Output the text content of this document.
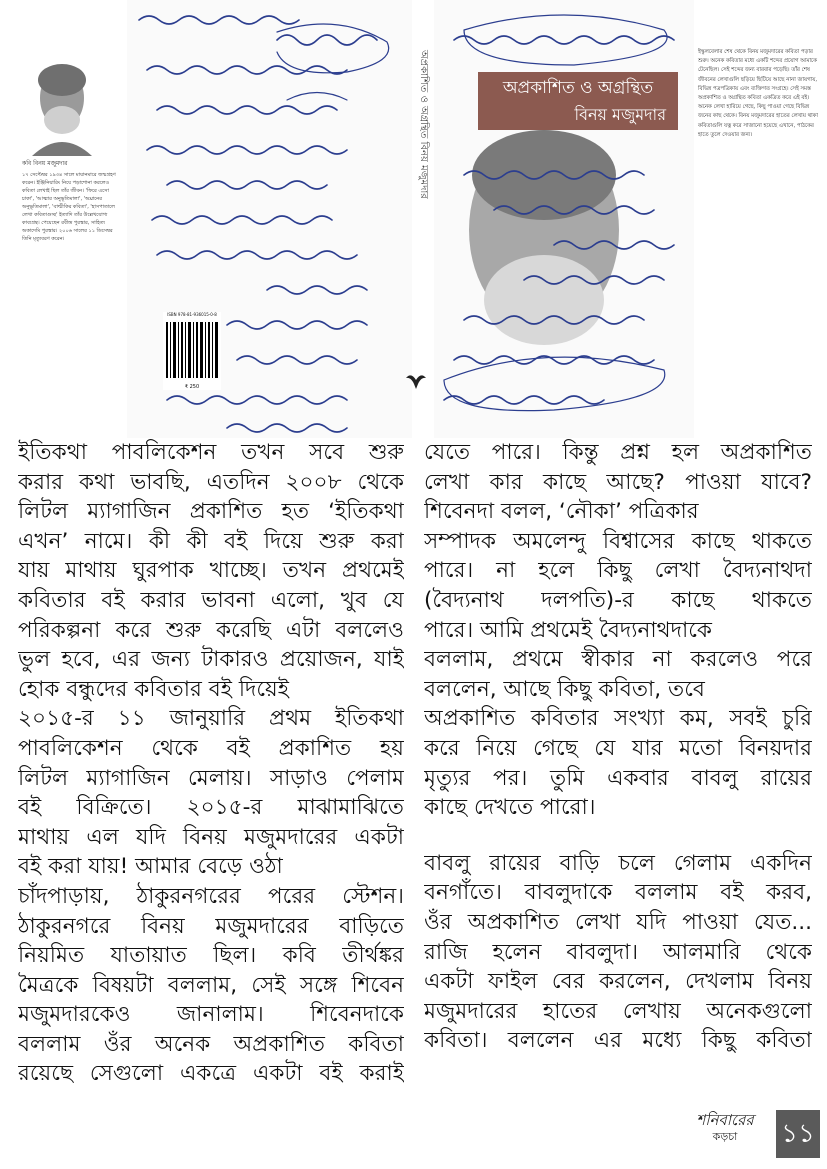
কবি বিনয় মজুমদার
১৭ সেপ্টেম্বর ১৯৩৪ সালে মায়ানমারে জন্মগ্রহণ করেন। ইঞ্জিনিয়ারিং নিয়ে পড়াশোনা করলেও কবিতা লেখাই ছিল তাঁর জীবন। 'ফিরে এসো চাকা', 'আত্মার অনুভূতিমালা', 'অঘ্রানের অনুভূতিমালা', 'বাল্মীকির কবিতা', 'হাসপাতালে লেখা কবিতাগুচ্ছ' ইত্যাদি তাঁর উল্লেখযোগ্য কাব্যগ্রন্থ। পেয়েছেন রবীন্দ্র পুরস্কার, সাহিত্য অকাদেমি পুরস্কার। ২০০৬ সালের ১১ ডিসেম্বর তিনি মৃত্যুবরণ করেন।
ISBN 978-81-936015-0-8
₹ 250
অপ্রকাশিত ও অগ্রন্থিত বিনয় মজুমদার	অপ্রকাশিত ও অগ্রন্থিত
বিনয় মজুমদার
ইস্কুলবেলার শেষ থেকে বিনয় মজুমদারের কবিতা পড়ার শুরু। অনেক কবিতার মধ্যে একটি শব্দের প্রয়োগ আমাকে টেনেছিল। সেই শব্দের জন্য বারবার পড়েছি। তাঁর শেষ জীবনের লেখাগুলি ছড়িয়ে ছিটিয়ে আছে নানা জায়গায়, বিভিন্ন পত্রপত্রিকায় এবং ব্যক্তিগত সংগ্রহে। সেই সমস্ত অপ্রকাশিত ও অগ্রন্থিত কবিতা একত্রিত করে এই বই। অনেক লেখা হারিয়ে গেছে, কিছু পাওয়া গেছে বিভিন্ন জনের কাছ থেকে। বিনয় মজুমদারের হাতের লেখায় থাকা কবিতাগুলি যত্ন করে সাজানো হয়েছে এখানে, পাঠকের হাতে তুলে দেওয়ার জন্য।
ইতিকথা পাবলিকেশন তখন সবে শুরু
করার কথা ভাবছি, এতদিন ২০০৮ থেকে
লিটল ম্যাগাজিন প্রকাশিত হত ‘ইতিকথা
এখন’ নামে। কী কী বই দিয়ে শুরু করা
যায় মাথায় ঘুরপাক খাচ্ছে। তখন প্রথমেই
কবিতার বই করার ভাবনা এলো, খুব যে
পরিকল্পনা করে শুরু করেছি এটা বললেও
ভুল হবে, এর জন্য টাকারও প্রয়োজন, যাই
হোক বন্ধুদের কবিতার বই দিয়েই
২০১৫-র ১১ জানুয়ারি প্রথম ইতিকথা
পাবলিকেশন থেকে বই প্রকাশিত হয়
লিটল ম্যাগাজিন মেলায়। সাড়াও পেলাম
বই বিক্রিতে। ২০১৫-র মাঝামাঝিতে
মাথায় এল যদি বিনয় মজুমদারের একটা
বই করা যায়! আমার বেড়ে ওঠা
চাঁদপাড়ায়, ঠাকুরনগরের পরের স্টেশন।
ঠাকুরনগরে বিনয় মজুমদারের বাড়িতে
নিয়মিত যাতায়াত ছিল। কবি তীর্থঙ্কর
মৈত্রকে বিষয়টা বললাম, সেই সঙ্গে শিবেন
মজুমদারকেও জানালাম। শিবেনদাকে
বললাম ওঁর অনেক অপ্রকাশিত কবিতা
রয়েছে সেগুলো একত্রে একটা বই করাই
যেতে পারে। কিন্তু প্রশ্ন হল অপ্রকাশিত
লেখা কার কাছে আছে? পাওয়া যাবে?
শিবেনদা বলল, ‘নৌকা’ পত্রিকার
সম্পাদক অমলেন্দু বিশ্বাসের কাছে থাকতে
পারে। না হলে কিছু লেখা বৈদ্যনাথদা
(বৈদ্যনাথ দলপতি)-র কাছে থাকতে
পারে। আমি প্রথমেই বৈদ্যনাথদাকে
বললাম, প্রথমে স্বীকার না করলেও পরে
বললেন, আছে কিছু কবিতা, তবে
অপ্রকাশিত কবিতার সংখ্যা কম, সবই চুরি
করে নিয়ে গেছে যে যার মতো বিনয়দার
মৃত্যুর পর। তুমি একবার বাবলু রায়ের
কাছে দেখতে পারো।
বাবলু রায়ের বাড়ি চলে গেলাম একদিন
বনগাঁতে। বাবলুদাকে বললাম বই করব,
ওঁর অপ্রকাশিত লেখা যদি পাওয়া যেত...
রাজি হলেন বাবলুদা। আলমারি থেকে
একটা ফাইল বের করলেন, দেখলাম বিনয়
মজুমদারের হাতের লেখায় অনেকগুলো
কবিতা। বললেন এর মধ্যে কিছু কবিতা
শনিবারের
কড়চা	১১
